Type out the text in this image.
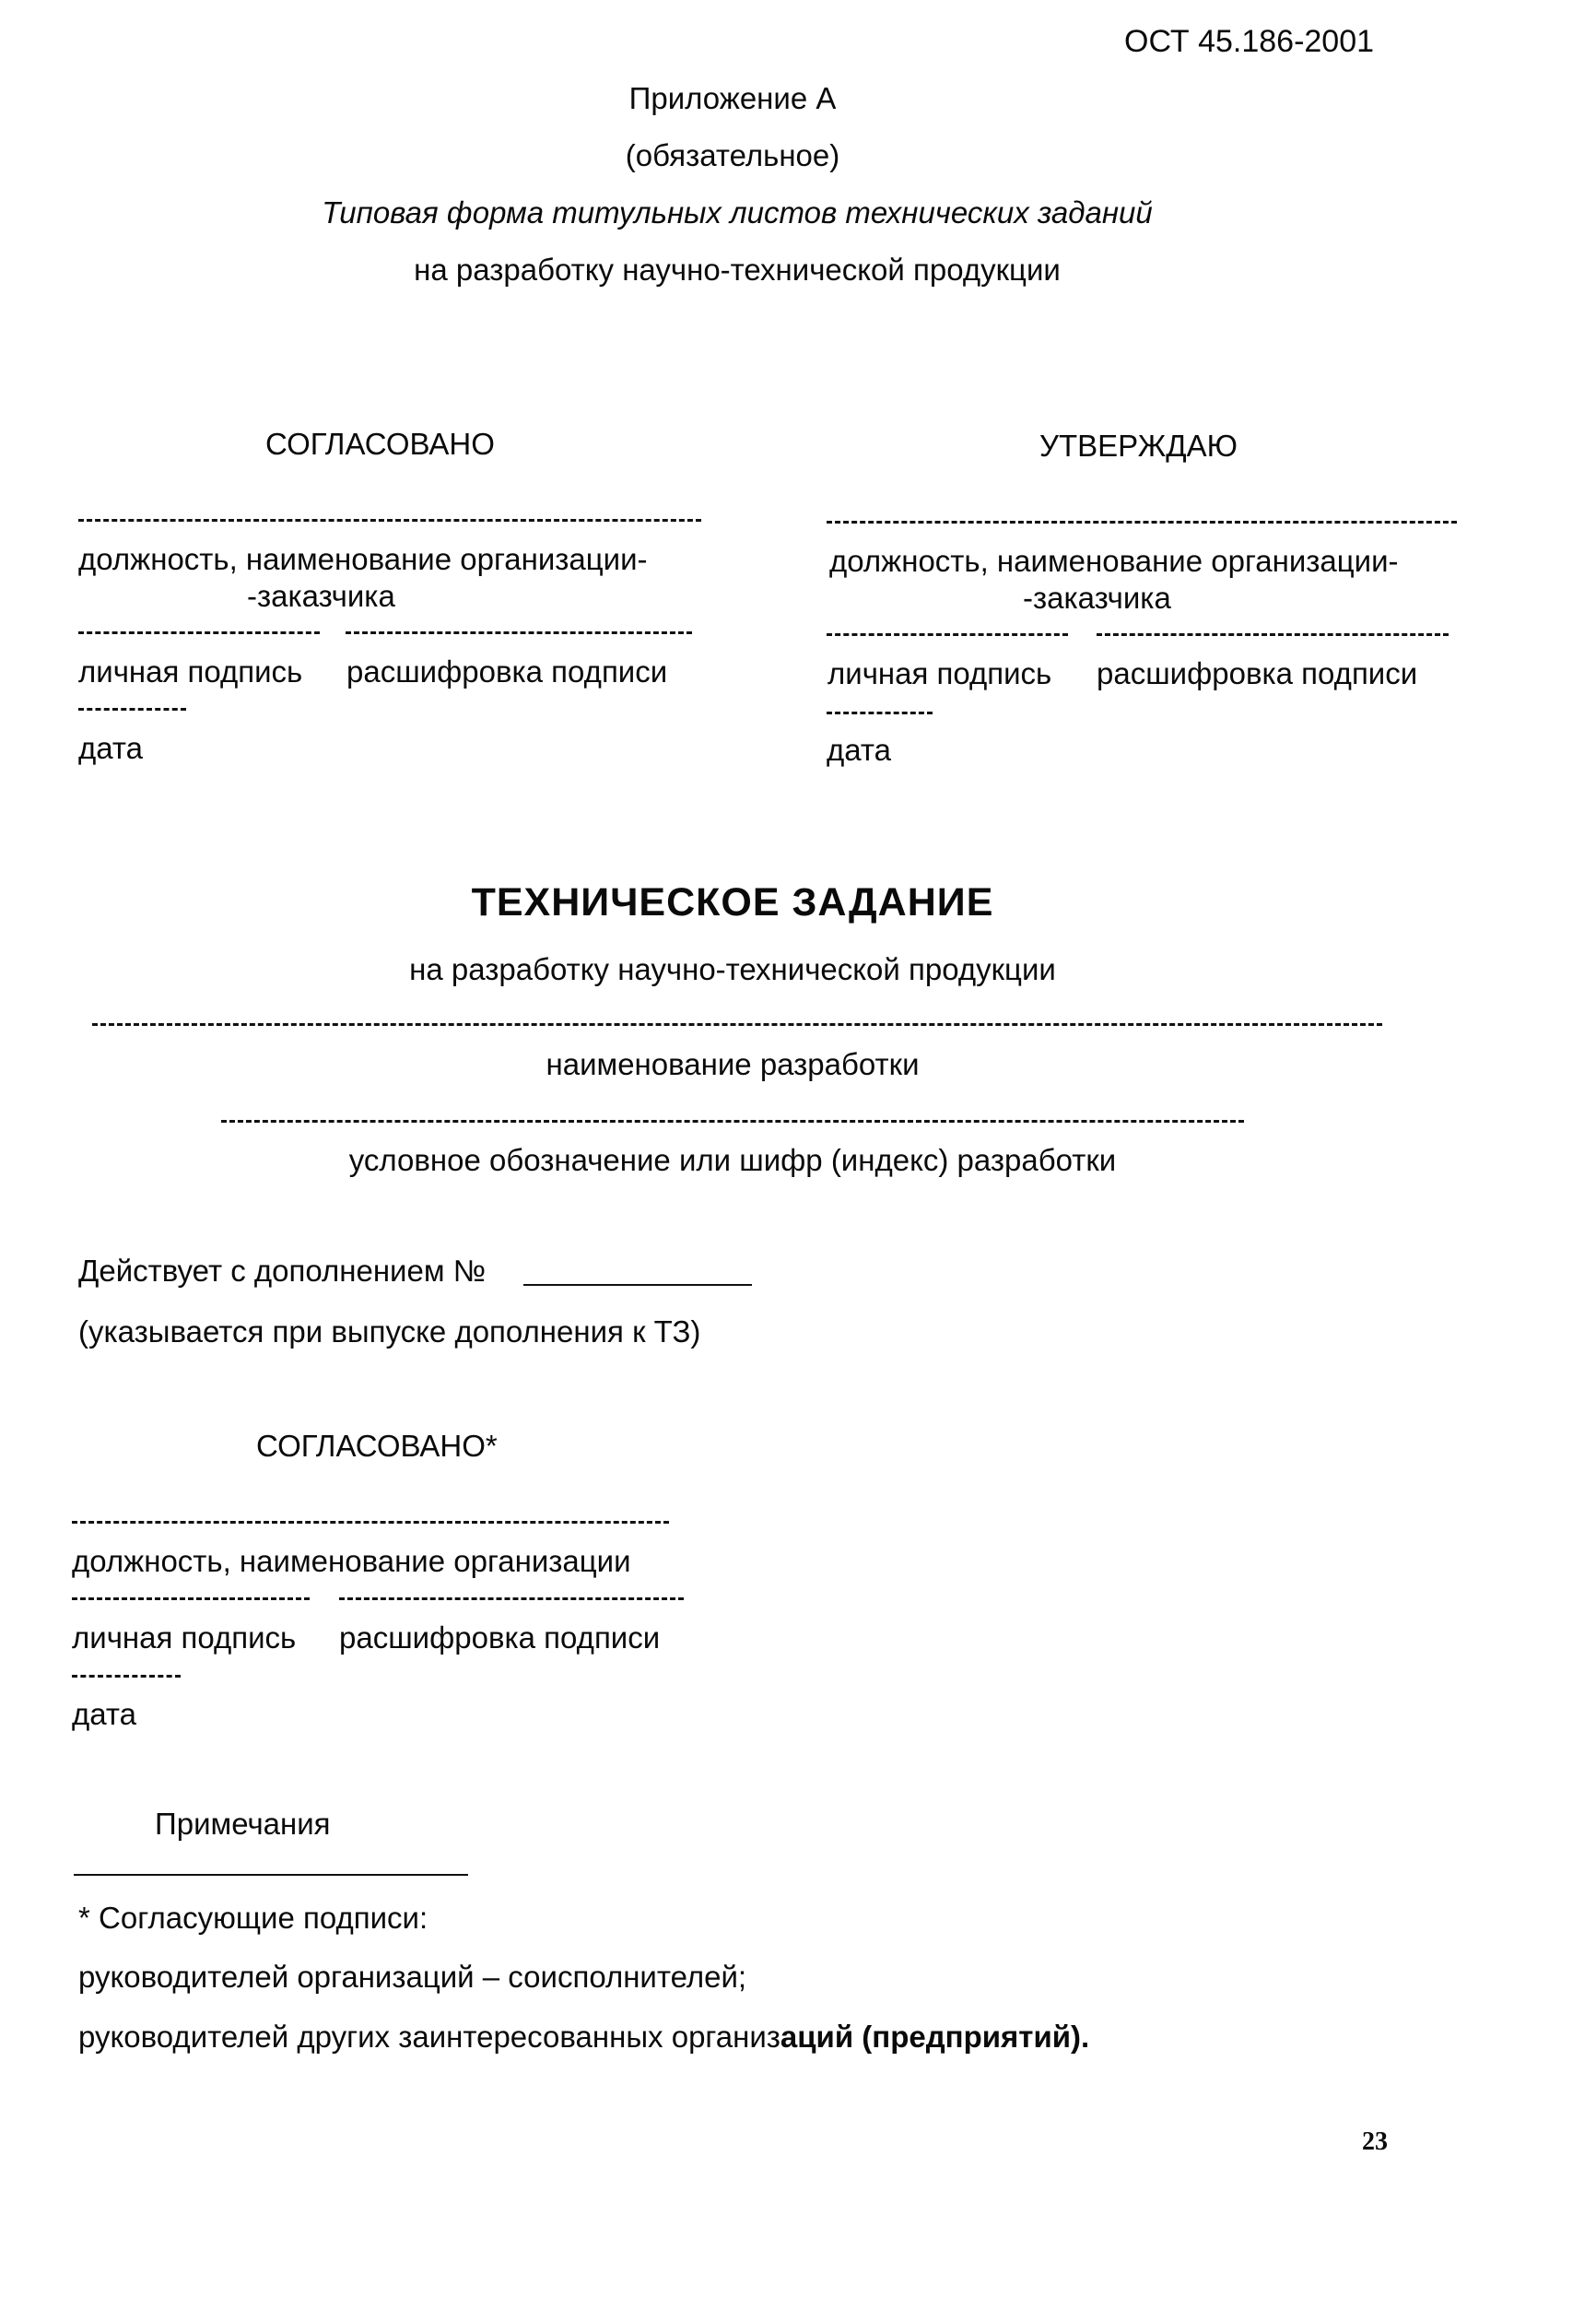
ОСТ 45.186-2001
Приложение А
(обязательное)
Типовая форма титульных листов технических заданий
на разработку научно-технической продукции
СОГЛАСОВАНО
должность, наименование организации-
-заказчика
личная подпись расшифровка подписи
дата
УТВЕРЖДАЮ
должность, наименование организации-
-заказчика
личная подпись расшифровка подписи
дата
ТЕХНИЧЕСКОЕ ЗАДАНИЕ
на разработку научно-технической продукции
наименование разработки
условное обозначение или шифр (индекс) разработки
Действует с дополнением №
(указывается при выпуске дополнения к ТЗ)
СОГЛАСОВАНО*
должность, наименование организации
личная подпись расшифровка подписи
дата
Примечания
* Согласующие подписи:
руководителей организаций – соисполнителей;
руководителей других заинтересованных организаций (предприятий).
23
